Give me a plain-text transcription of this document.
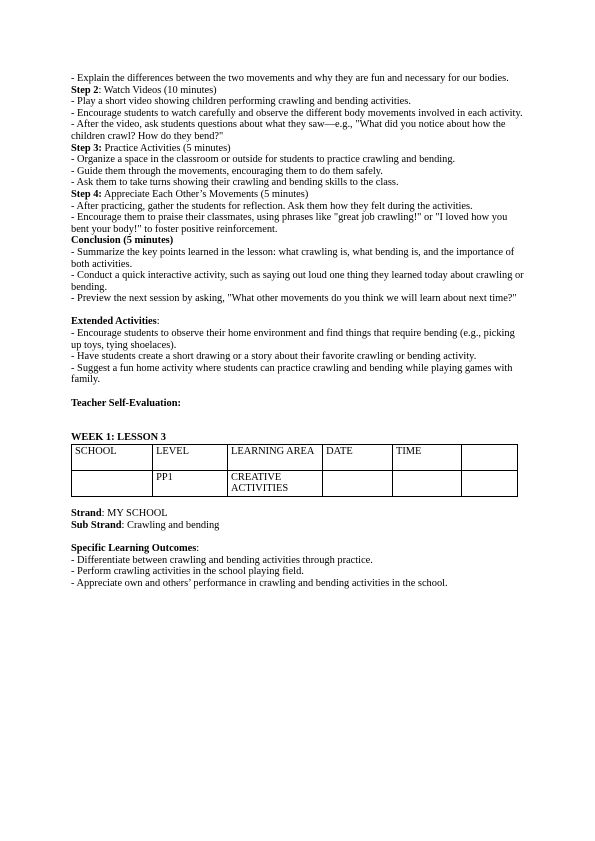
- Explain the differences between the two movements and why they are fun and necessary for our bodies.

Step 2: Watch Videos (10 minutes)

- Play a short video showing children performing crawling and bending activities.

- Encourage students to watch carefully and observe the different body movements involved in each activity.

- After the video, ask students questions about what they saw—e.g., "What did you notice about how the children crawl? How do they bend?"

Step 3: Practice Activities (5 minutes)

- Organize a space in the classroom or outside for students to practice crawling and bending.

- Guide them through the movements, encouraging them to do them safely.

- Ask them to take turns showing their crawling and bending skills to the class.

Step 4: Appreciate Each Other’s Movements (5 minutes)

- After practicing, gather the students for reflection. Ask them how they felt during the activities.

- Encourage them to praise their classmates, using phrases like "great job crawling!" or "I loved how you bent your body!" to foster positive reinforcement.

Conclusion (5 minutes)

- Summarize the key points learned in the lesson: what crawling is, what bending is, and the importance of both activities.

- Conduct a quick interactive activity, such as saying out loud one thing they learned today about crawling or bending.

- Preview the next session by asking, "What other movements do you think we will learn about next time?"

Extended Activities:

- Encourage students to observe their home environment and find things that require bending (e.g., picking up toys, tying shoelaces).

- Have students create a short drawing or a story about their favorite crawling or bending activity.

- Suggest a fun home activity where students can practice crawling and bending while playing games with family.

Teacher Self-Evaluation:

WEEK 1: LESSON 3

SCHOOL	LEVEL	LEARNING AREA	DATE	TIME	
	PP1	CREATIVE ACTIVITIES			

Strand: MY SCHOOL

Sub Strand: Crawling and bending

Specific Learning Outcomes:

- Differentiate between crawling and bending activities through practice.

- Perform crawling activities in the school playing field.

- Appreciate own and others’ performance in crawling and bending activities in the school.
